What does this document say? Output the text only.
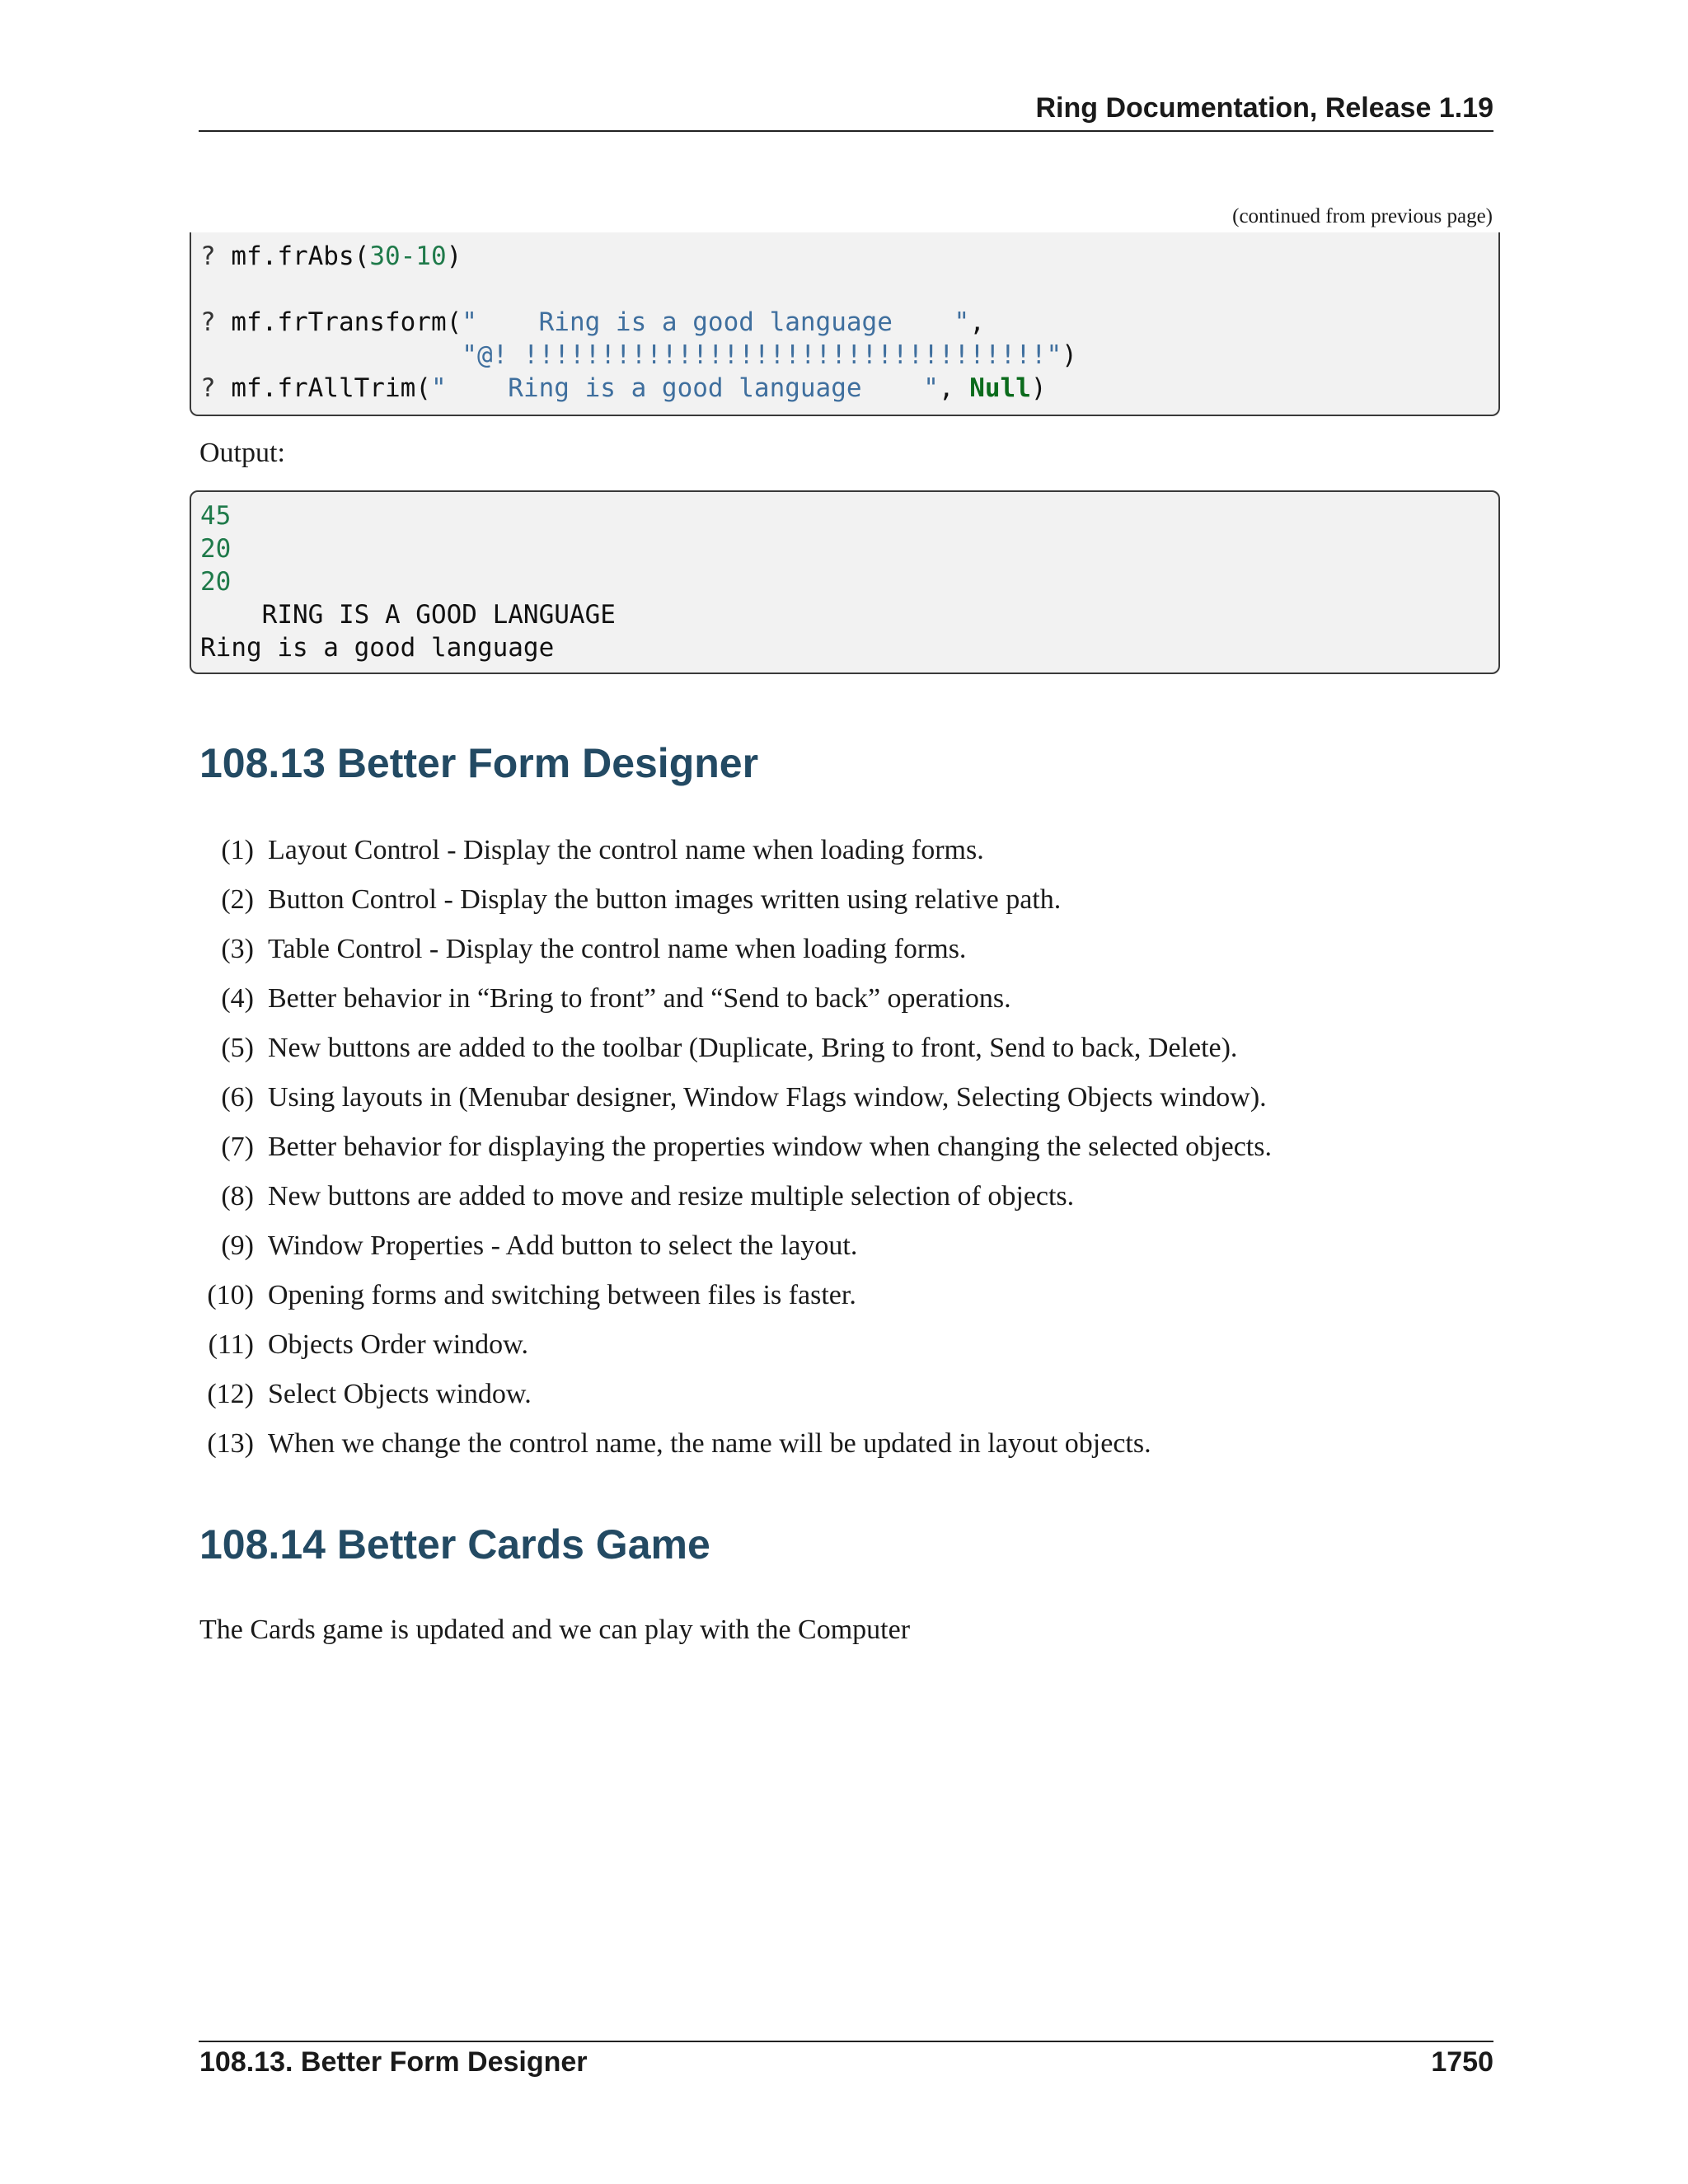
Ring Documentation, Release 1.19
(continued from previous page)
? mf.frAbs(30-10)

? mf.frTransform("    Ring is a good language    ",
"@! !!!!!!!!!!!!!!!!!!!!!!!!!!!!!!!!!!")
? mf.frAllTrim("    Ring is a good language    ", Null)
Output:
45
20
20
RING IS A GOOD LANGUAGE
Ring is a good language
108.13 Better Form Designer
(1) Layout Control - Display the control name when loading forms.
(2) Button Control - Display the button images written using relative path.
(3) Table Control - Display the control name when loading forms.
(4) Better behavior in “Bring to front” and “Send to back” operations.
(5) New buttons are added to the toolbar (Duplicate, Bring to front, Send to back, Delete).
(6) Using layouts in (Menubar designer, Window Flags window, Selecting Objects window).
(7) Better behavior for displaying the properties window when changing the selected objects.
(8) New buttons are added to move and resize multiple selection of objects.
(9) Window Properties - Add button to select the layout.
(10) Opening forms and switching between files is faster.
(11) Objects Order window.
(12) Select Objects window.
(13) When we change the control name, the name will be updated in layout objects.
108.14 Better Cards Game
The Cards game is updated and we can play with the Computer
108.13. Better Form Designer	1750
